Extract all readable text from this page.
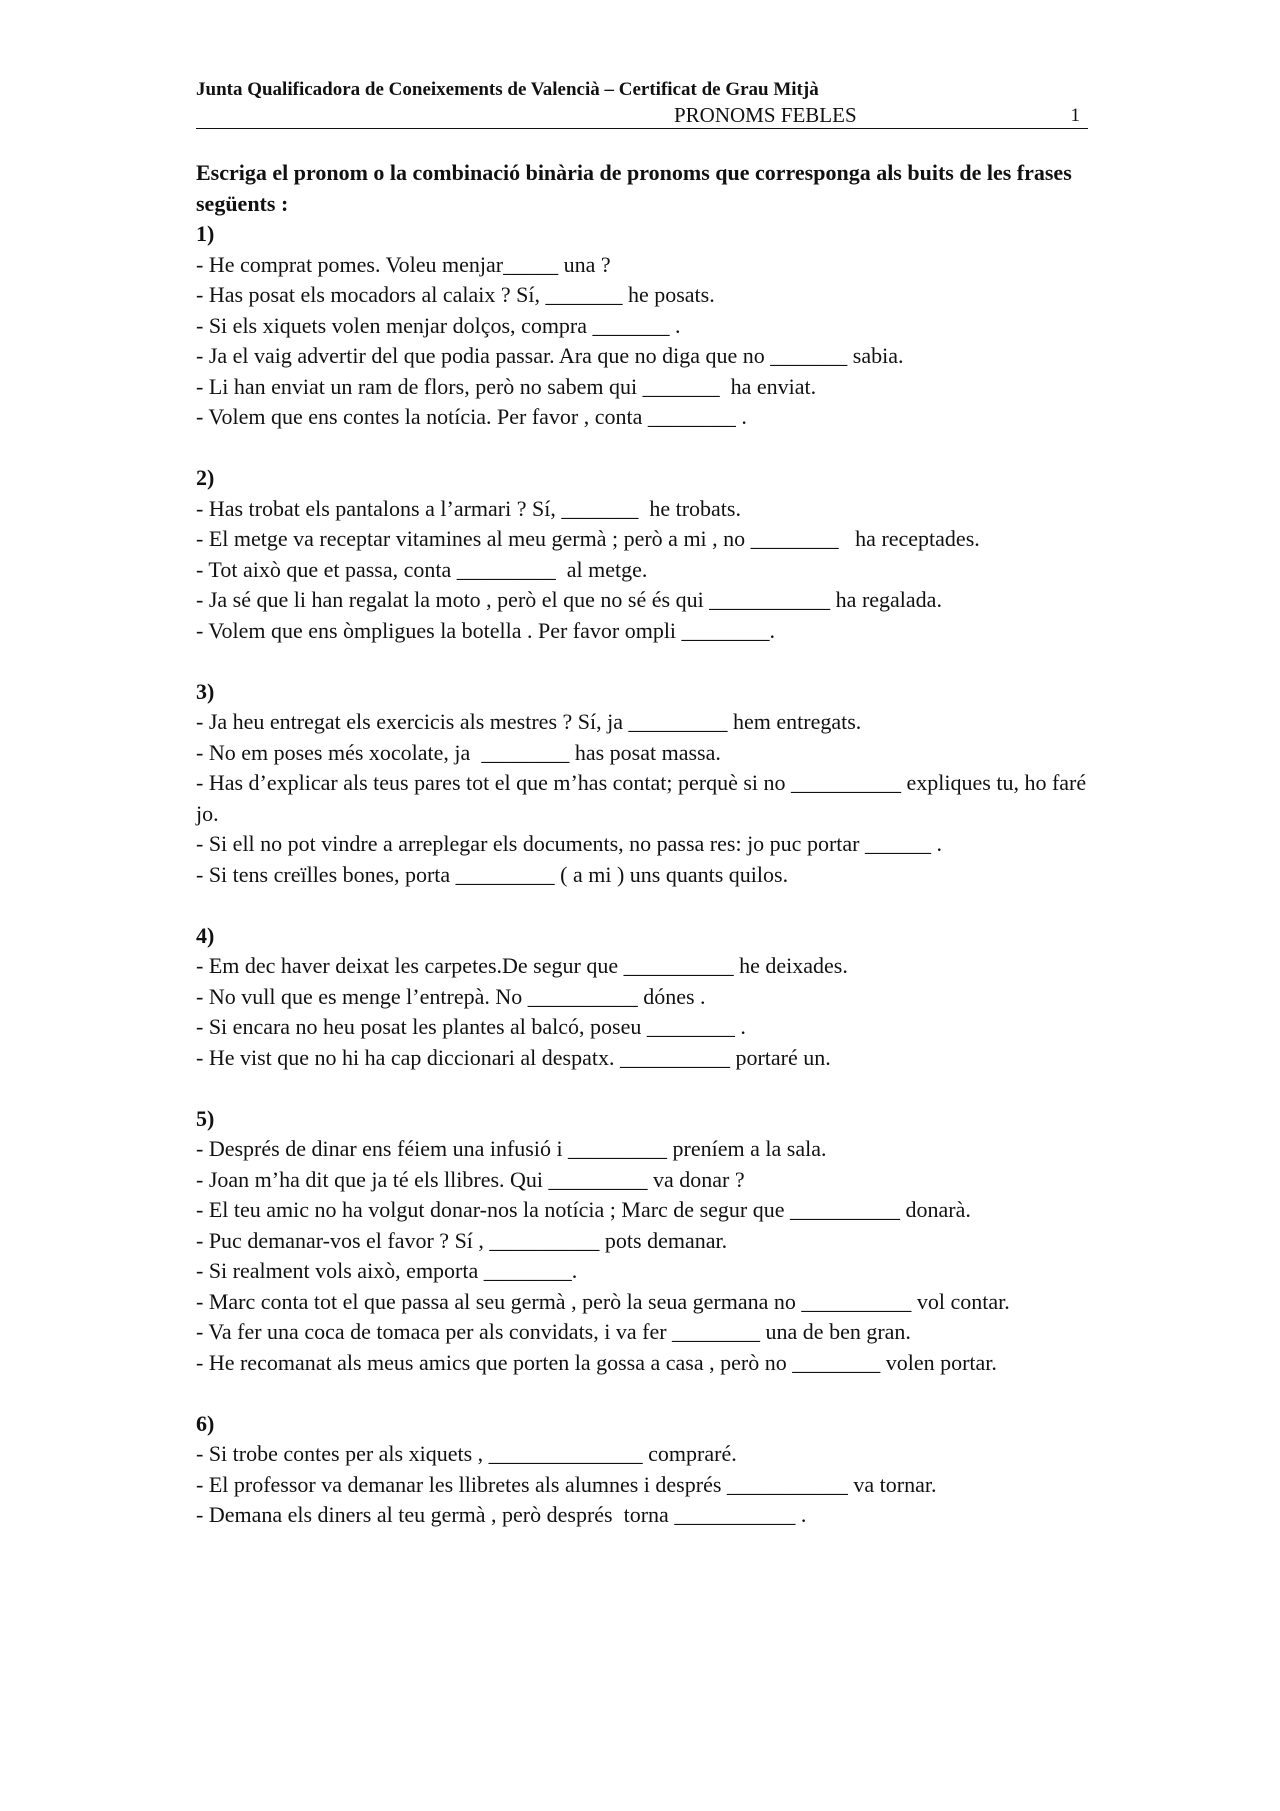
Junta Qualificadora de Coneixements de Valencià – Certificat de Grau Mitjà
PRONOMS FEBLES	1
Escriga el pronom o la combinació binària de pronoms que corresponga als buits de les frases següents :
1)
- He comprat pomes. Voleu menjar_____ una ?
- Has posat els mocadors al calaix ? Sí, _______ he posats.
- Si els xiquets volen menjar dolços, compra _______ .
- Ja el vaig advertir del que podia passar. Ara que no diga que no _______ sabia.
- Li han enviat un ram de flors, però no sabem qui _______  ha enviat.
- Volem que ens contes la notícia. Per favor , conta ________ .
2)
- Has trobat els pantalons a l’armari ? Sí, _______  he trobats.
- El metge va receptar vitamines al meu germà ; però a mi , no ________   ha receptades.
- Tot això que et passa, conta _________  al metge.
- Ja sé que li han regalat la moto , però el que no sé és qui ___________ ha regalada.
- Volem que ens òmpligues la botella . Per favor ompli ________.
3)
- Ja heu entregat els exercicis als mestres ? Sí, ja _________ hem entregats.
- No em poses més xocolate, ja  ________ has posat massa.
- Has d’explicar als teus pares tot el que m’has contat; perquè si no __________ expliques tu, ho faré jo.
- Si ell no pot vindre a arreplegar els documents, no passa res: jo puc portar ______ .
- Si tens creïlles bones, porta _________ ( a mi ) uns quants quilos.
4)
- Em dec haver deixat les carpetes.De segur que __________ he deixades.
- No vull que es menge l’entrepà. No __________ dónes .
- Si encara no heu posat les plantes al balcó, poseu ________ .
- He vist que no hi ha cap diccionari al despatx. __________ portaré un.
5)
- Després de dinar ens féiem una infusió i _________ preníem a la sala.
- Joan m’ha dit que ja té els llibres. Qui _________ va donar ?
- El teu amic no ha volgut donar-nos la notícia ; Marc de segur que __________ donarà.
- Puc demanar-vos el favor ? Sí , __________ pots demanar.
- Si realment vols això, emporta ________.
- Marc conta tot el que passa al seu germà , però la seua germana no __________ vol contar.
- Va fer una coca de tomaca per als convidats, i va fer ________ una de ben gran.
- He recomanat als meus amics que porten la gossa a casa , però no ________ volen portar.
6)
- Si trobe contes per als xiquets , ______________ compraré.
- El professor va demanar les llibretes als alumnes i després ___________ va tornar.
- Demana els diners al teu germà , però després  torna ___________ .
